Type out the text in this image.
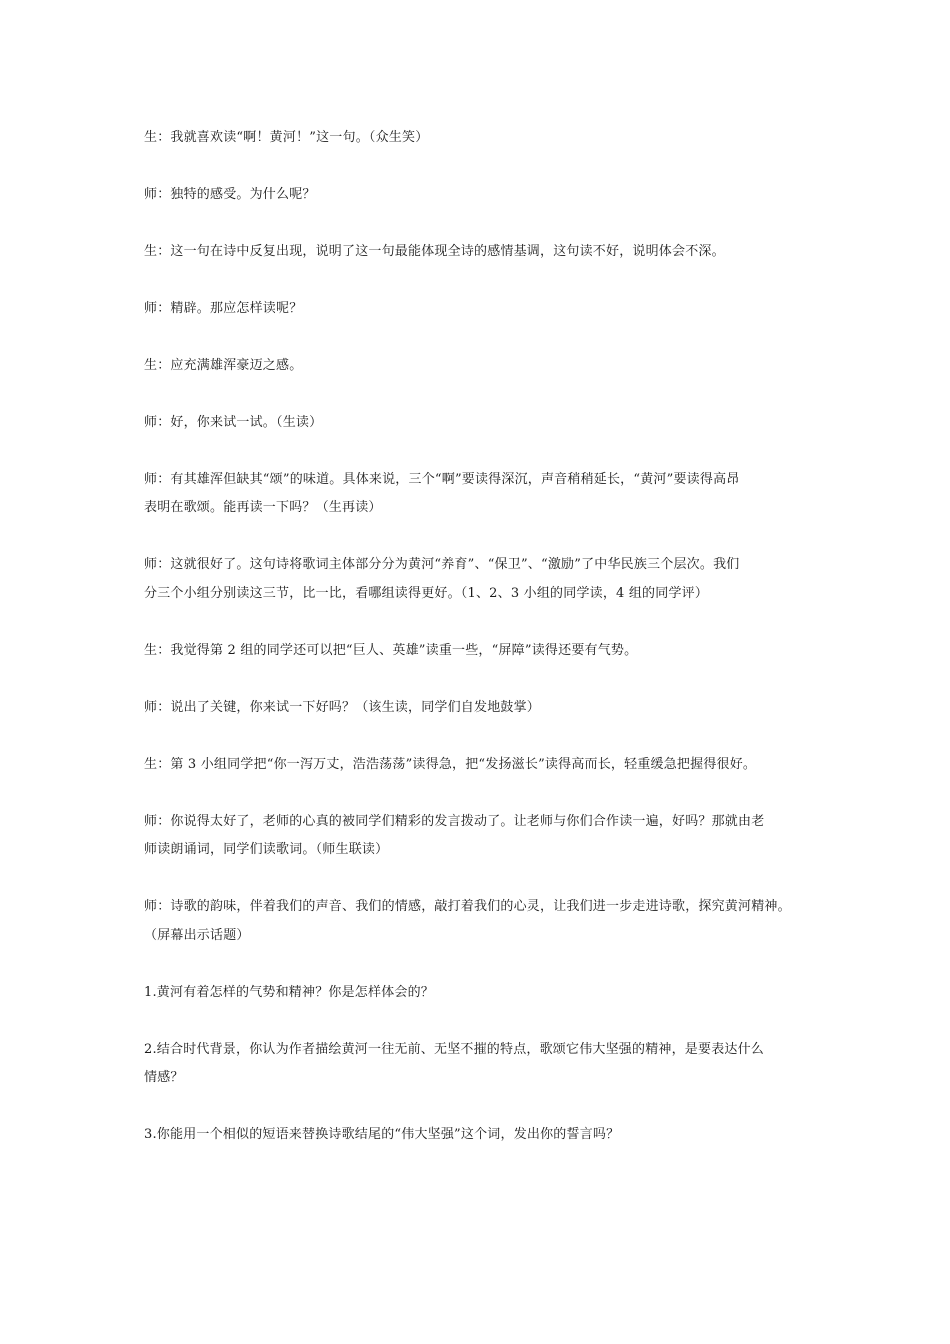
生：我就喜欢读“啊！黄河！”这一句。（众生笑）

师：独特的感受。为什么呢？

生：这一句在诗中反复出现，说明了这一句最能体现全诗的感情基调，这句读不好，说明体会不深。

师：精辟。那应怎样读呢？

生：应充满雄浑豪迈之感。

师：好，你来试一试。（生读）

师：有其雄浑但缺其“颂”的味道。具体来说，三个“啊”要读得深沉，声音稍稍延长，“黄河”要读得高昂
表明在歌颂。能再读一下吗？（生再读）

师：这就很好了。这句诗将歌词主体部分分为黄河“养育”、“保卫”、“激励”了中华民族三个层次。我们
分三个小组分别读这三节，比一比，看哪组读得更好。（1、2、3 小组的同学读，4 组的同学评）

生：我觉得第 2 组的同学还可以把“巨人、英雄”读重一些，“屏障”读得还要有气势。

师：说出了关键，你来试一下好吗？（该生读，同学们自发地鼓掌）

生：第 3 小组同学把“你一泻万丈，浩浩荡荡”读得急，把“发扬滋长”读得高而长，轻重缓急把握得很好。

师：你说得太好了，老师的心真的被同学们精彩的发言拨动了。让老师与你们合作读一遍，好吗？那就由老
师读朗诵词，同学们读歌词。（师生联读）

师：诗歌的韵味，伴着我们的声音、我们的情感，敲打着我们的心灵，让我们进一步走进诗歌，探究黄河精神。
（屏幕出示话题）

1.黄河有着怎样的气势和精神？你是怎样体会的？

2.结合时代背景，你认为作者描绘黄河一往无前、无坚不摧的特点，歌颂它伟大坚强的精神，是要表达什么
情感？

3.你能用一个相似的短语来替换诗歌结尾的“伟大坚强”这个词，发出你的誓言吗？
